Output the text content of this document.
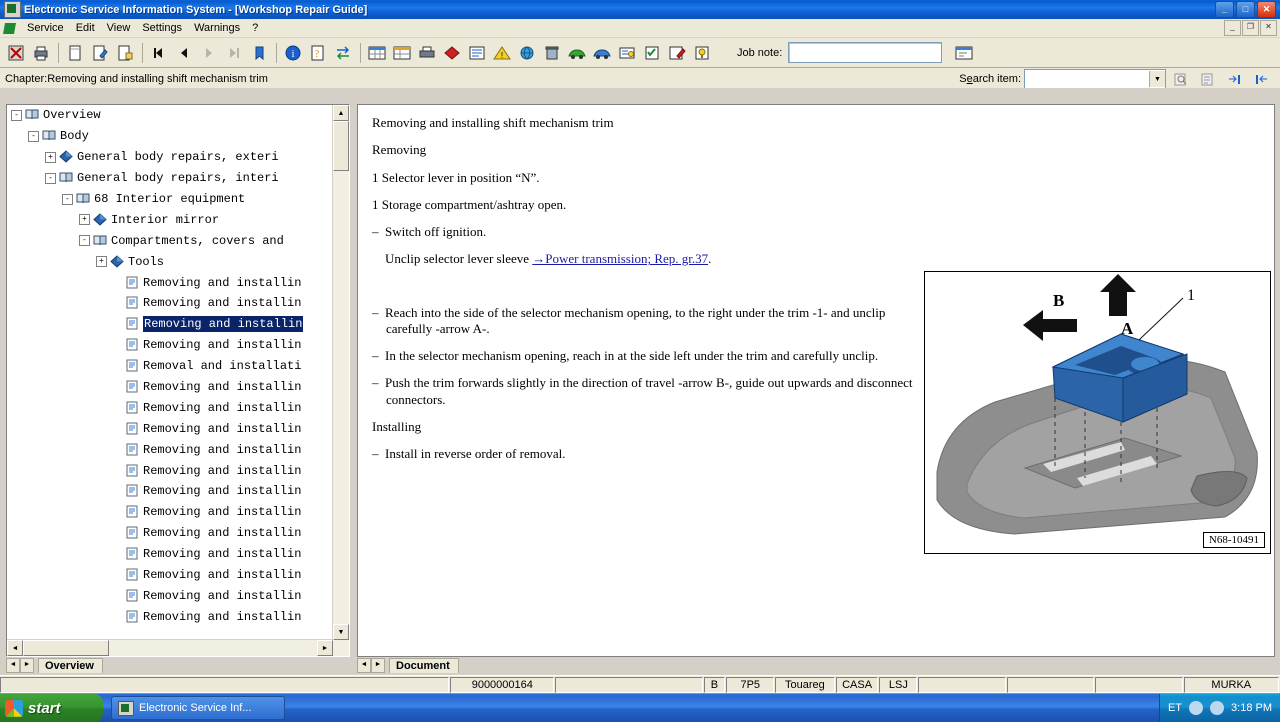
Electronic Service Information System - [Workshop Repair Guide]	_	□	✕
Service	Edit	View	Settings	Warnings	?	_	❐	✕
i ?	!	Job note:
Chapter:Removing and installing shift mechanism trim	Search item:	▼
-	Overview
-	Body
+ General body repairs, exteri
-	General body repairs, interi
-	68 Interior equipment
+ Interior mirror
-	Compartments, covers and
+ Tools
Removing and installin
Removing and installin
Removing and installin
Removing and installin
Removal and installati
Removing and installin
Removing and installin
Removing and installin
Removing and installin
Removing and installin
Removing and installin
Removing and installin
Removing and installin
Removing and installin
Removing and installin
Removing and installin
Removing and installin
▲
▼
◄	►
◄	►	Overview

Removing and installing shift mechanism trim

Removing

1 Selector lever in position “N”.

1 Storage compartment/ashtray open.

– Switch off ignition.

Unclip selector lever sleeve →Power transmission; Rep. gr.37.

– Reach into the side of the selector mechanism opening, to the right under the trim -1- and unclip carefully -arrow A-.

– In the selector mechanism opening, reach in at the side left under the trim and carefully unclip.

– Push the trim forwards slightly in the direction of travel -arrow B-, guide out upwards and disconnect connectors.

Installing

– Install in reverse order of removal.

A
B	1
N68-10491
◄	►	Document
9000000164	B	7P5	Touareg	CASA	LSJ	MURKA
start	Electronic Service Inf...	ET	3:18 PM
